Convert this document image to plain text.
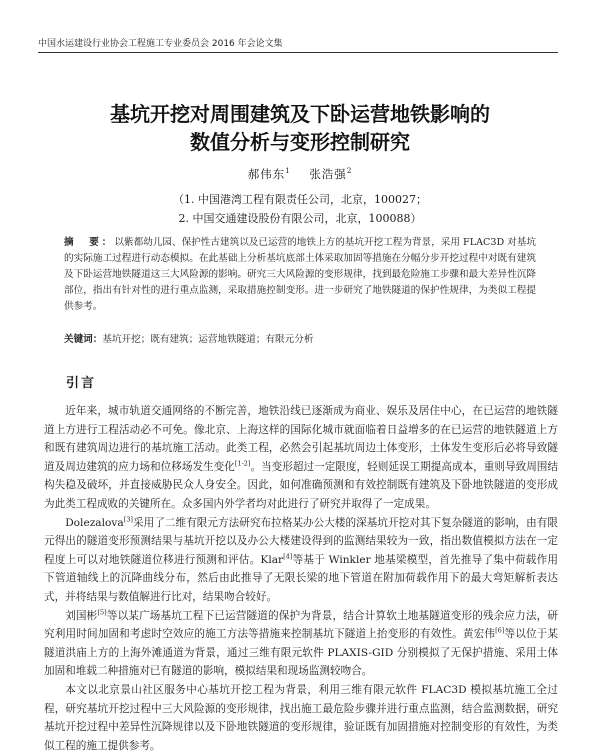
中国水运建设行业协会工程施工专业委员会 2016 年会论文集
基坑开挖对周围建筑及下卧运营地铁影响的
数值分析与变形控制研究
郝伟东$^1$ 张浩强$^2$
（1. 中国港湾工程有限责任公司，北京，100027；
2. 中国交通建设股份有限公司，北京，100088）
摘　要：以紫都幼儿园、保护性古建筑以及已运营的地铁上方的基坑开挖工程为背景，采用 FLAC3D 对基坑的实际施工过程进行动态模拟。在此基础上分析基坑底部土体采取加固等措施在分幅分步开挖过程中对既有建筑及下卧运营地铁隧道这三大风险源的影响。研究三大风险源的变形规律，找到最危险施工步骤和最大差异性沉降部位，指出有针对性的进行重点监测，采取措施控制变形。进一步研究了地铁隧道的保护性规律，为类似工程提供参考。
关键词：基坑开挖；既有建筑；运营地铁隧道；有限元分析
引言

近年来，城市轨道交通网络的不断完善，地铁沿线已逐渐成为商业、娱乐及居住中心，在已运营的地铁隧道上方进行工程活动必不可免。像北京、上海这样的国际化城市就面临着日益增多的在已运营的地铁隧道上方和既有建筑周边进行的基坑施工活动。此类工程，必然会引起基坑周边土体变形，土体发生变形后必将导致隧道及周边建筑的应力场和位移场发生变化[1-2]。当变形超过一定限度，轻则延误工期提高成本，重则导致周围结构失稳及破坏，并直接威胁民众人身安全。因此，如何准确预测和有效控制既有建筑及下卧地铁隧道的变形成为此类工程成败的关键所在。众多国内外学者均对此进行了研究并取得了一定成果。

Dolezalova[3]采用了二维有限元方法研究布拉格某办公大楼的深基坑开挖对其下复杂隧道的影响，由有限元得出的隧道变形预测结果与基坑开挖以及办公大楼建设得到的监测结果较为一致，指出数值模拟方法在一定程度上可以对地铁隧道位移进行预测和评估。Klar[4]等基于 Winkler 地基梁模型，首先推导了集中荷载作用下管道轴线上的沉降曲线分布，然后由此推导了无限长梁的地下管道在附加荷载作用下的最大弯矩解析表达式，并将结果与数值解进行比对，结果吻合较好。

刘国彬[5]等以某广场基坑工程下已运营隧道的保护为背景，结合计算软土地基隧道变形的残余应力法，研究利用时间加固和考虑时空效应的施工方法等措施来控制基坑下隧道上抬变形的有效性。黄宏伟[6]等以位于某隧道洪庙上方的上海外滩通道为背景，通过三维有限元软件 PLAXIS-GID 分别模拟了无保护措施、采用土体加固和堆载二种措施对已有隧道的影响，模拟结果和现场监测较吻合。

本文以北京景山社区服务中心基坑开挖工程为背景，利用三维有限元软件 FLAC3D 模拟基坑施工全过程，研究基坑开挖过程中三大风险源的变形规律，找出施工最危险步骤并进行重点监测，结合监测数据，研究基坑开挖过程中差异性沉降规律以及下卧地铁隧道的变形规律，验证既有加固措施对控制变形的有效性，为类似工程的施工提供参考。
